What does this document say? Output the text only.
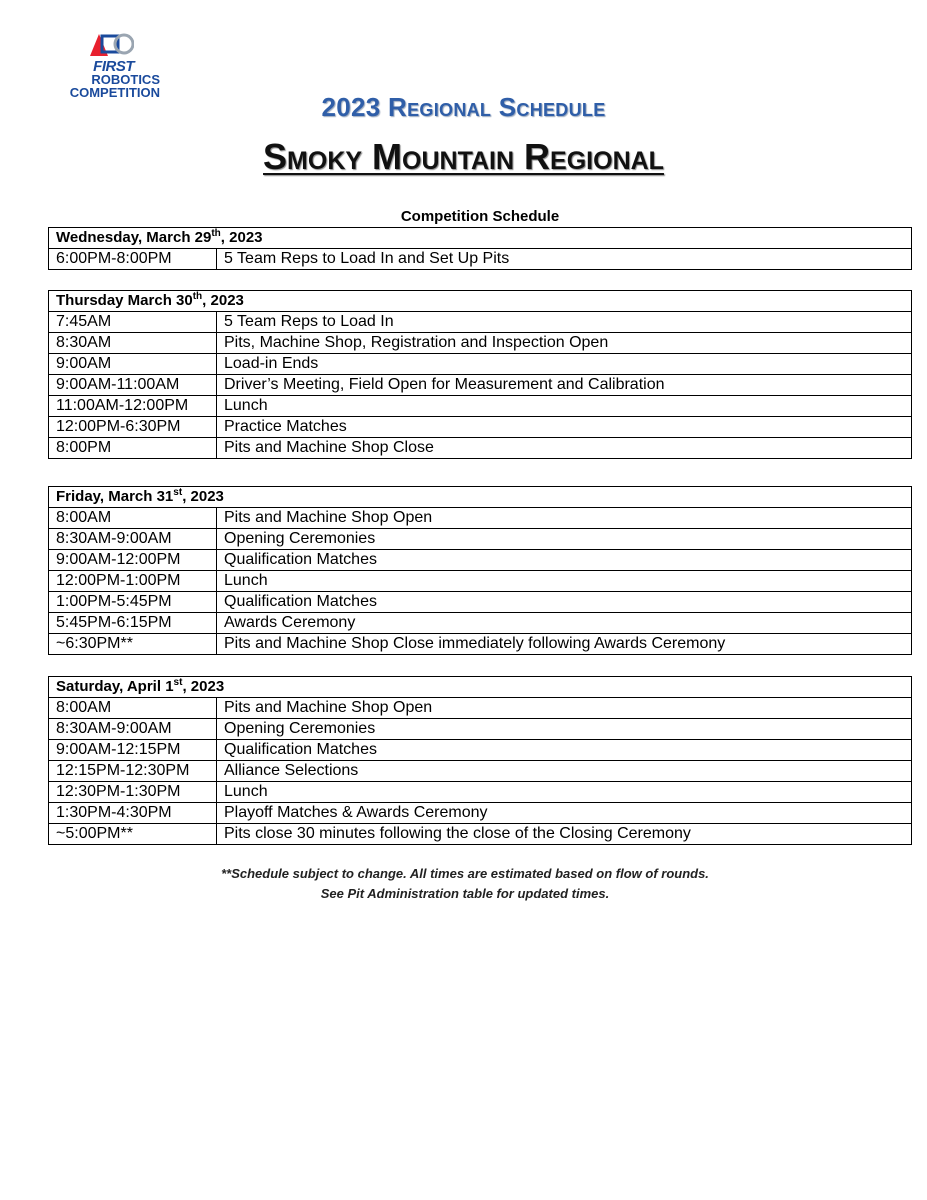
FIRST
ROBOTICS
COMPETITION	2023 Regional Schedule
Smoky Mountain Regional
Competition Schedule
Wednesday, March 29th, 2023
6:00PM-8:00PM	5 Team Reps to Load In and Set Up Pits
Thursday March 30th, 2023	
7:45AM	5 Team Reps to Load In
8:30AM	Pits, Machine Shop, Registration and Inspection Open
9:00AM	Load-in Ends
9:00AM-11:00AM	Driver’s Meeting, Field Open for Measurement and Calibration
11:00AM-12:00PM	Lunch
12:00PM-6:30PM	Practice Matches
8:00PM	Pits and Machine Shop Close
Friday, March 31st, 2023	
8:00AM	Pits and Machine Shop Open
8:30AM-9:00AM	Opening Ceremonies
9:00AM-12:00PM	Qualification Matches
12:00PM-1:00PM	Lunch
1:00PM-5:45PM	Qualification Matches
5:45PM-6:15PM	Awards Ceremony
~6:30PM**	Pits and Machine Shop Close immediately following Awards Ceremony
Saturday, April 1st, 2023	
8:00AM	Pits and Machine Shop Open
8:30AM-9:00AM	Opening Ceremonies
9:00AM-12:15PM	Qualification Matches
12:15PM-12:30PM	Alliance Selections
12:30PM-1:30PM	Lunch
1:30PM-4:30PM	Playoff Matches & Awards Ceremony
~5:00PM**	Pits close 30 minutes following the close of the Closing Ceremony
**Schedule subject to change. All times are estimated based on flow of rounds.
See Pit Administration table for updated times.
